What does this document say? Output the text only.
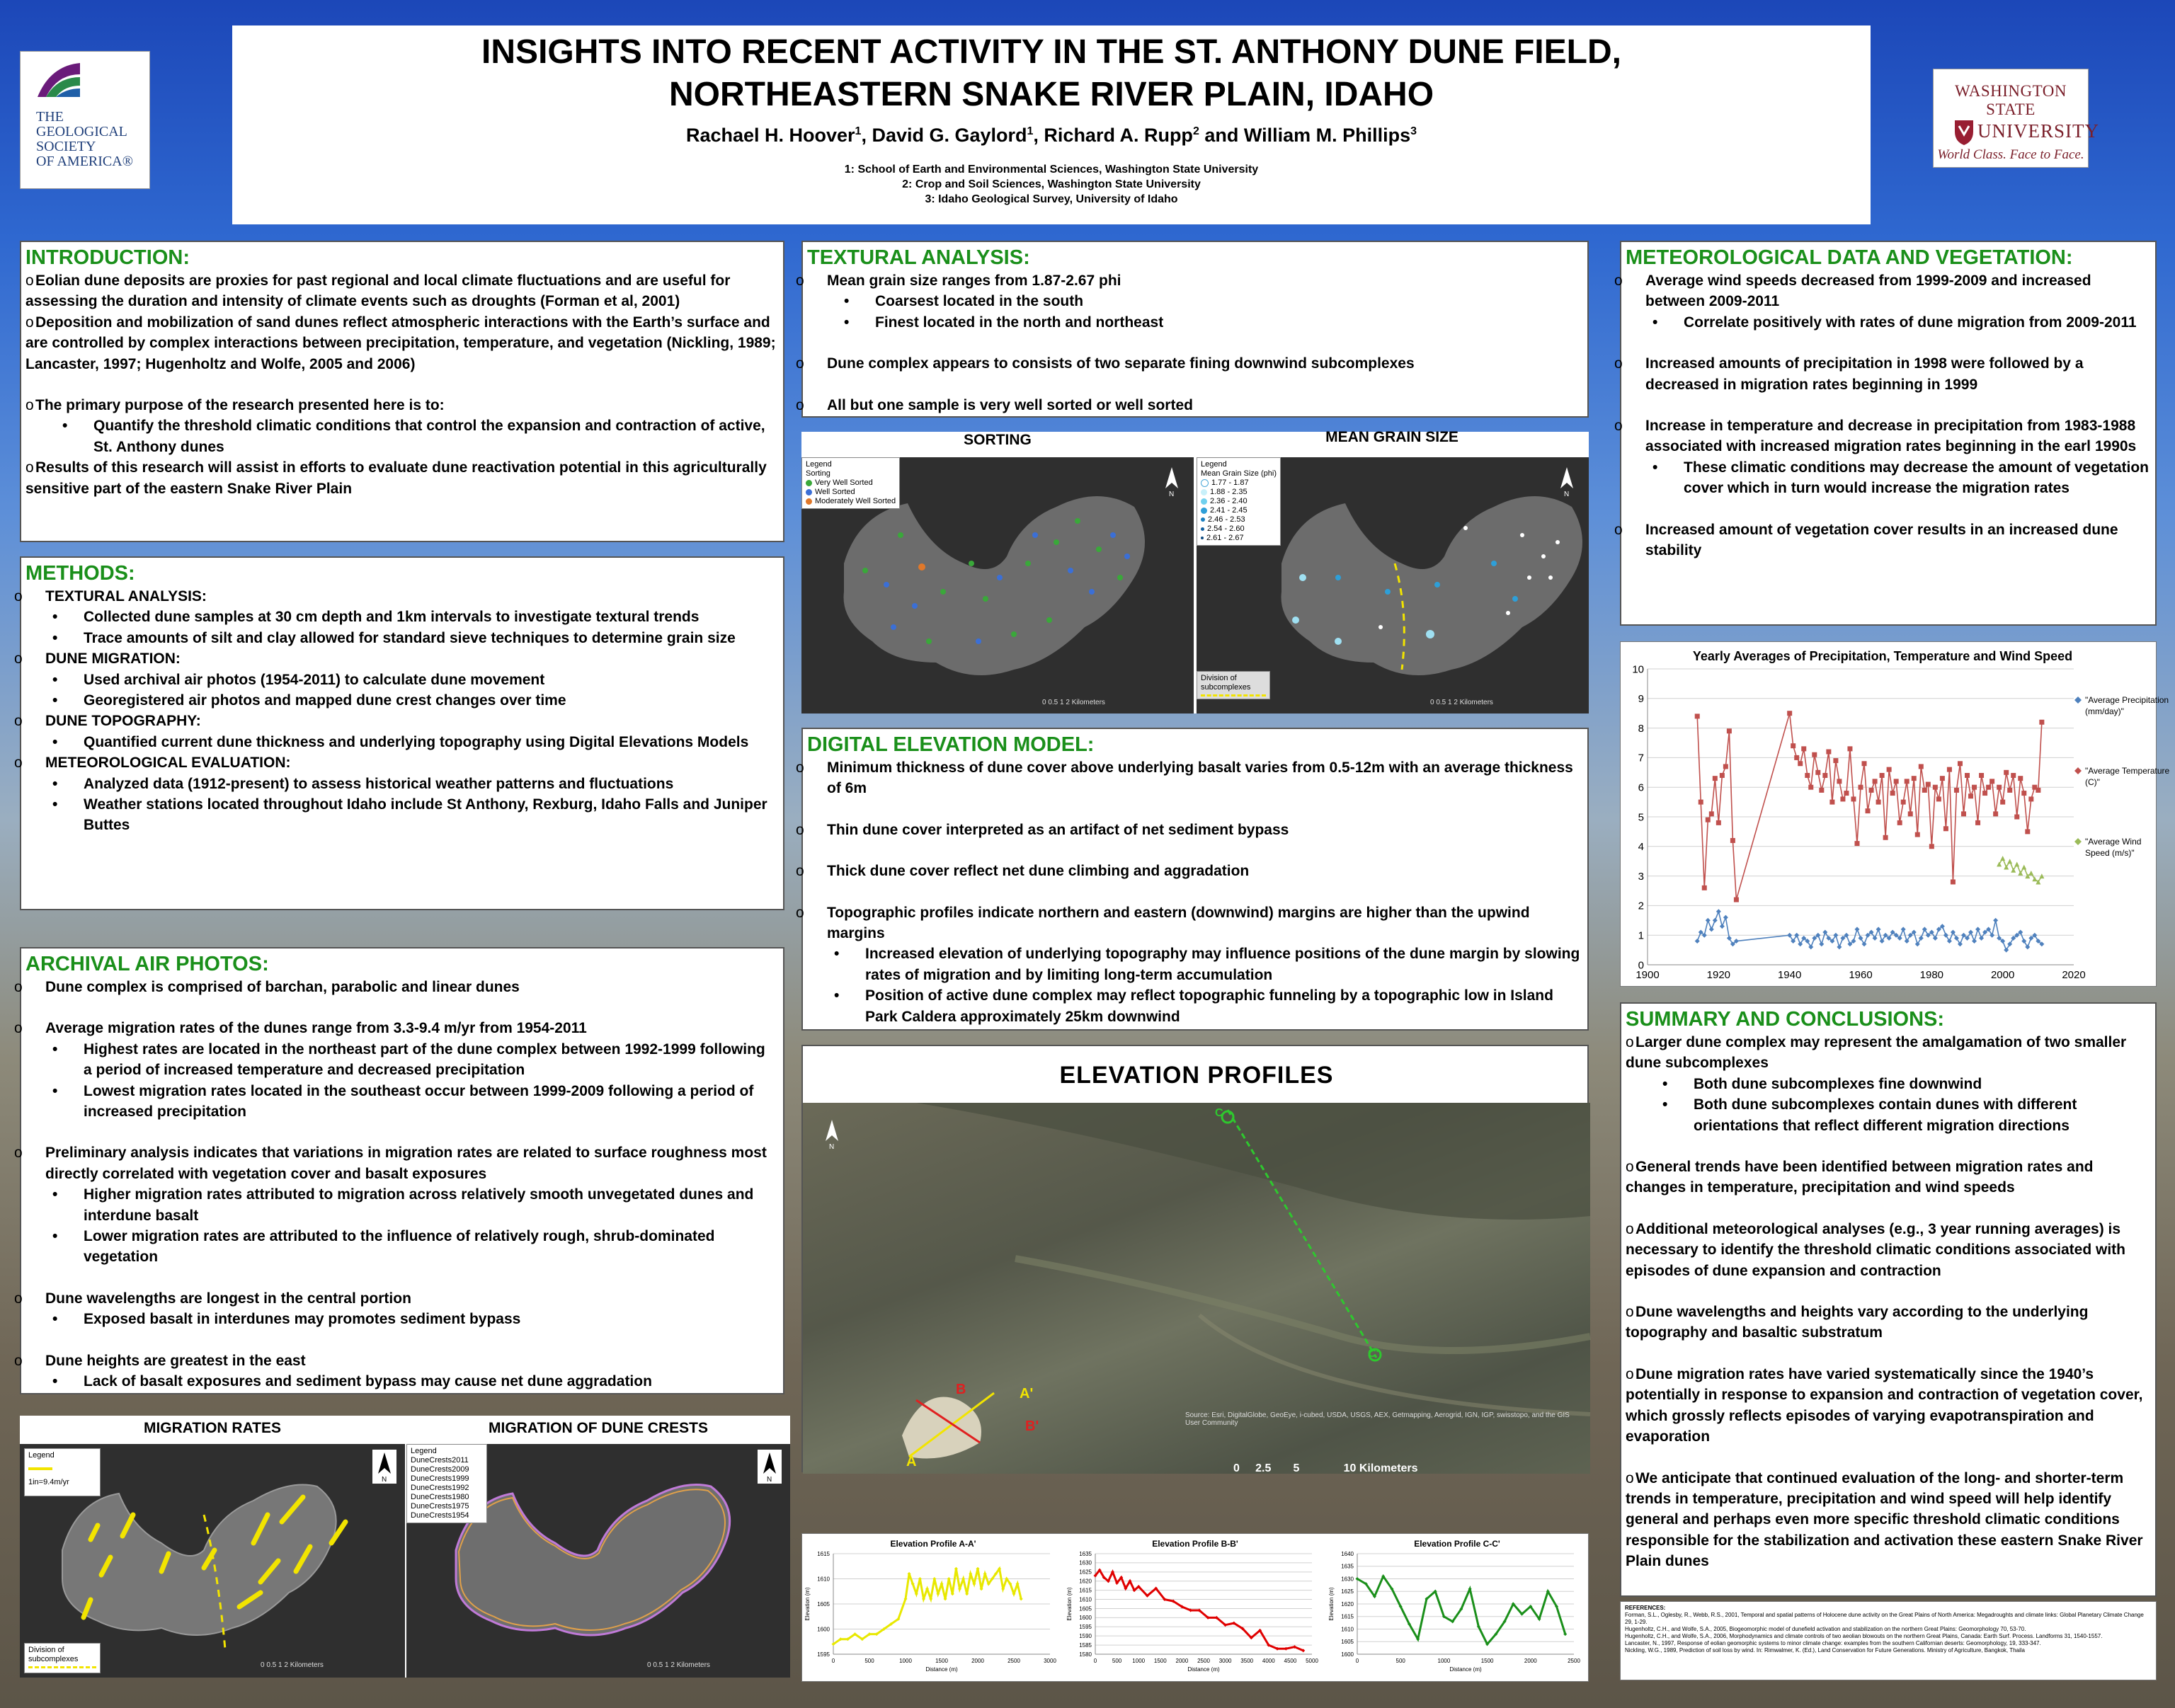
INSIGHTS INTO RECENT ACTIVITY IN THE ST. ANTHONY DUNE FIELD,
NORTHEASTERN SNAKE RIVER PLAIN, IDAHO
Rachael H. Hoover$^1$, David G. Gaylord$^1$, Richard A. Rupp$^2$ and William M. Phillips$^3$
1: School of Earth and Environmental Sciences, Washington State University
2: Crop and Soil Sciences, Washington State University
3: Idaho Geological Survey, University of Idaho
THE
GEOLOGICAL
SOCIETY
OF AMERICA®
WASHINGTON STATE
UNIVERSITY
World Class. Face to Face.
INTRODUCTION:

o Eolian dune deposits are proxies for past regional and local climate fluctuations and are useful for assessing the duration and intensity of climate events such as droughts (Forman et al, 2001)

o Deposition and mobilization of sand dunes reflect atmospheric interactions with the Earth’s surface and are controlled by complex interactions between precipitation, temperature, and vegetation (Nickling, 1989; Lancaster, 1997; Hugenholtz and Wolfe, 2005 and 2006)

o The primary purpose of the research presented here is to:

• Quantify the threshold climatic conditions that control the expansion and contraction of active, St. Anthony dunes

o Results of this research will assist in efforts to evaluate dune reactivation potential in this agriculturally sensitive part of the eastern Snake River Plain

METHODS:

o TEXTURAL ANALYSIS:

• Collected dune samples at 30 cm depth and 1km intervals to investigate textural trends

• Trace amounts of silt and clay allowed for standard sieve techniques to determine grain size

o DUNE MIGRATION:

• Used archival air photos (1954-2011) to calculate dune movement

• Georegistered air photos and mapped dune crest changes over time

o DUNE TOPOGRAPHY:

• Quantified current dune thickness and underlying topography using Digital Elevations Models

o METEOROLOGICAL EVALUATION:

• Analyzed data (1912-present) to assess historical weather patterns and fluctuations

• Weather stations located throughout Idaho include St Anthony, Rexburg, Idaho Falls and Juniper Buttes

ARCHIVAL AIR PHOTOS:

o Dune complex is comprised of barchan, parabolic and linear dunes

o Average migration rates of the dunes range from 3.3-9.4 m/yr from 1954-2011

• Highest rates are located in the northeast part of the dune complex between 1992-1999 following a period of increased temperature and decreased precipitation

• Lowest migration rates located in the southeast occur between 1999-2009 following a period of increased precipitation

o Preliminary analysis indicates that variations in migration rates are related to surface roughness most directly correlated with vegetation cover and basalt exposures

• Higher migration rates attributed to migration across relatively smooth unvegetated dunes and interdune basalt

• Lower migration rates are attributed to the influence of relatively rough, shrub-dominated vegetation

o Dune wavelengths are longest in the central portion

• Exposed basalt in interdunes may promotes sediment bypass

o Dune heights are greatest in the east

• Lack of basalt exposures and sediment bypass may cause net dune aggradation

MIGRATION RATES	MIGRATION OF DUNE CRESTS
Legend
1in=9.4m/yr
Division of subcomplexes
0 0.5 1 2 Kilometers
N
Legend
DuneCrests2011
DuneCrests2009
DuneCrests1999
DuneCrests1992
DuneCrests1980
DuneCrests1975
DuneCrests1954
0 0.5 1 2 Kilometers
N
TEXTURAL ANALYSIS:

o Mean grain size ranges from 1.87-2.67 phi

• Coarsest located in the south

• Finest located in the north and northeast

o Dune complex appears to consists of two separate fining downwind subcomplexes

o All but one sample is very well sorted or well sorted

SORTING	MEAN GRAIN SIZE
Legend
Sorting
Very Well Sorted
Well Sorted
Moderately Well Sorted
0 0.5 1 2 Kilometers
N
Legend
Mean Grain Size (phi)
1.77 - 1.87
1.88 - 2.35
2.36 - 2.40
2.41 - 2.45
2.46 - 2.53
2.54 - 2.60
2.61 - 2.67
Division of subcomplexes
0 0.5 1 2 Kilometers
N
DIGITAL ELEVATION MODEL:

o Minimum thickness of dune cover above underlying basalt varies from 0.5-12m with an average thickness of 6m

o Thin dune cover interpreted as an artifact of net sediment bypass

o Thick dune cover reflect net dune climbing and aggradation

o Topographic profiles indicate northern and eastern (downwind) margins are higher than the upwind margins

• Increased elevation of underlying topography may influence positions of the dune margin by slowing rates of migration and by limiting long-term accumulation

• Position of active dune complex may reflect topographic funneling by a topographic low in Island Park Caldera approximately 25km downwind

ELEVATION PROFILES
A
A'
B
B'
C
C'
0     2.5       5              10 Kilometers
Source: Esri, DigitalGlobe, GeoEye, i-cubed, USDA, USGS, AEX, Getmapping, Aerogrid, IGN, IGP, swisstopo, and the GIS User Community
N
Elevation Profile A-A'
1595
1600
1605
1610
1615
0	500	1000	1500	2000	2500	3000
Distance (m)
Elevation (m)
Elevation Profile B-B'
1580
1585
1590
1595
1600
1605
1610
1615
1620
1625
1630
1635
0	500 1000 1500 2000 2500 3000 3500 4000 4500 5000
Distance (m)
Elevation (m)
Elevation Profile C-C'
1600
1605
1610
1615
1620
1625
1630
1635
1640
0	500	1000	1500	2000	2500
Distance (m)
Elevation (m)
METEOROLOGICAL DATA AND VEGETATION:

o Average wind speeds decreased from 1999-2009 and increased between 2009-2011

• Correlate positively with rates of dune migration from 2009-2011

o Increased amounts of precipitation in 1998 were followed by a decreased in migration rates beginning in 1999

o Increase in temperature and decrease in precipitation from 1983-1988 associated with increased migration rates beginning in the earl 1990s

• These climatic conditions may decrease the amount of vegetation cover which in turn would increase the migration rates

o Increased amount of vegetation cover results in an increased dune stability

Yearly Averages of Precipitation, Temperature and Wind Speed
0
1
2
3
4
5
6
7
8
9
10
1900	1920	1940	1960	1980	2000	2020
"Average Precipitation
(mm/day)"
"Average Temperature
(C)"
"Average Wind
Speed (m/s)"
SUMMARY AND CONCLUSIONS:

o Larger dune complex may represent the amalgamation of two smaller dune subcomplexes

• Both dune subcomplexes fine downwind

• Both dune subcomplexes contain dunes with different orientations that reflect different migration directions

o General trends have been identified between migration rates and changes in temperature, precipitation and wind speeds

o Additional meteorological analyses (e.g., 3 year running averages) is necessary to identify the threshold climatic conditions associated with episodes of dune expansion and contraction

o Dune wavelengths and heights vary according to the underlying topography and basaltic substratum

o Dune migration rates have varied systematically since the 1940’s potentially in response to expansion and contraction of vegetation cover, which grossly reflects episodes of varying evapotranspiration and evaporation

o We anticipate that continued evaluation of the long- and shorter-term trends in temperature, precipitation and wind speed will help identify general and perhaps even more specific threshold climatic conditions responsible for the stabilization and activation these eastern Snake River Plain dunes

REFERENCES:
Forman, S.L., Oglesby, R., Webb, R.S., 2001, Temporal and spatial patterns of Holocene dune activity on the Great Plains of North America: Megadroughts and climate links: Global Planetary Climate Change 29, 1-29.
Hugenholtz, C.H., and Wolfe, S.A., 2005, Biogeomorphic model of dunefield activation and stabilization on the northern Great Plains: Geomorphology 70, 53-70.
Hugenholtz, C.H., and Wolfe, S.A., 2006, Morphodynamics and climate controls of two aeolian blowouts on the northern Great Plains, Canada: Earth Surf. Process. Landforms 31, 1540-1557.
Lancaster, N., 1997, Response of eolian geomorphic systems to minor climate change: examples from the southern Californian deserts: Geomorphology, 19, 333-347.
Nickling, W.G., 1989, Prediction of soil loss by wind. In: Rimwalmer, K. (Ed.), Land Conservation for Future Generations. Ministry of Agriculture, Bangkok, Thaila
